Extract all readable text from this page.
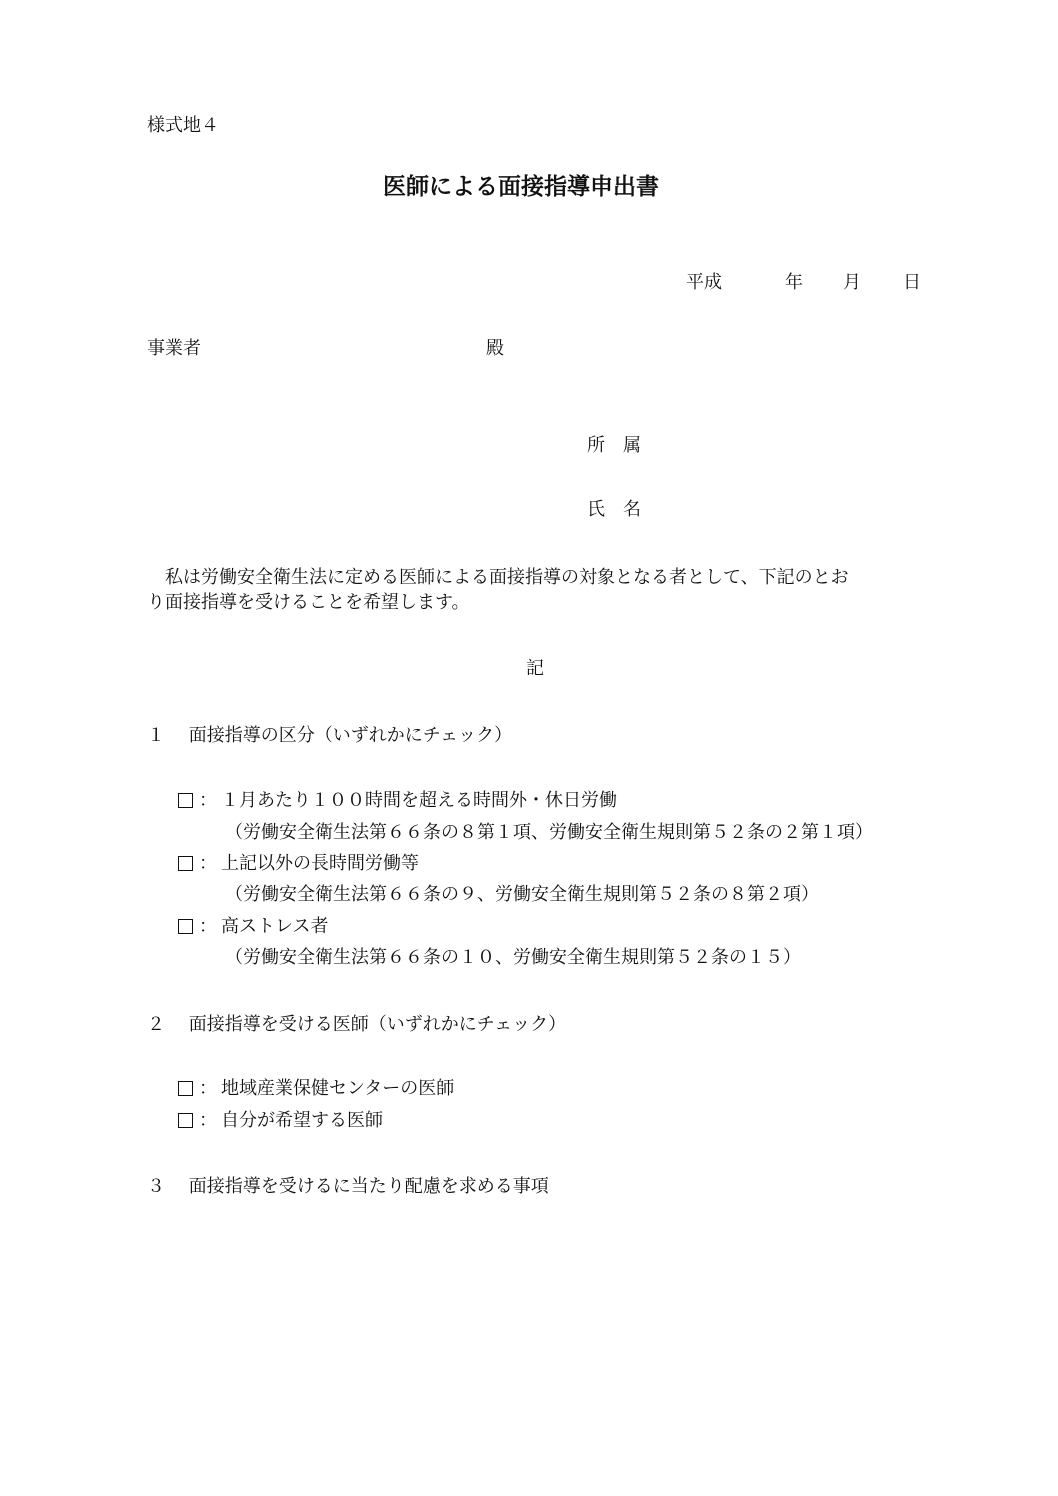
様式地４
医師による面接指導申出書
平成	年 月 日
事業者	殿
所　属
氏　名
　私は労働安全衛生法に定める医師による面接指導の対象となる者として、下記のとお
り面接指導を受けることを希望します。
記
１　 面接指導の区分（いずれかにチェック）
： １月あたり１００時間を超える時間外・休日労働
（労働安全衛生法第６６条の８第１項、労働安全衛生規則第５２条の２第１項）
： 上記以外の長時間労働等
（労働安全衛生法第６６条の９、労働安全衛生規則第５２条の８第２項）
： 高ストレス者
（労働安全衛生法第６６条の１０、労働安全衛生規則第５２条の１５）
２　 面接指導を受ける医師（いずれかにチェック）
： 地域産業保健センターの医師
： 自分が希望する医師
３　 面接指導を受けるに当たり配慮を求める事項
